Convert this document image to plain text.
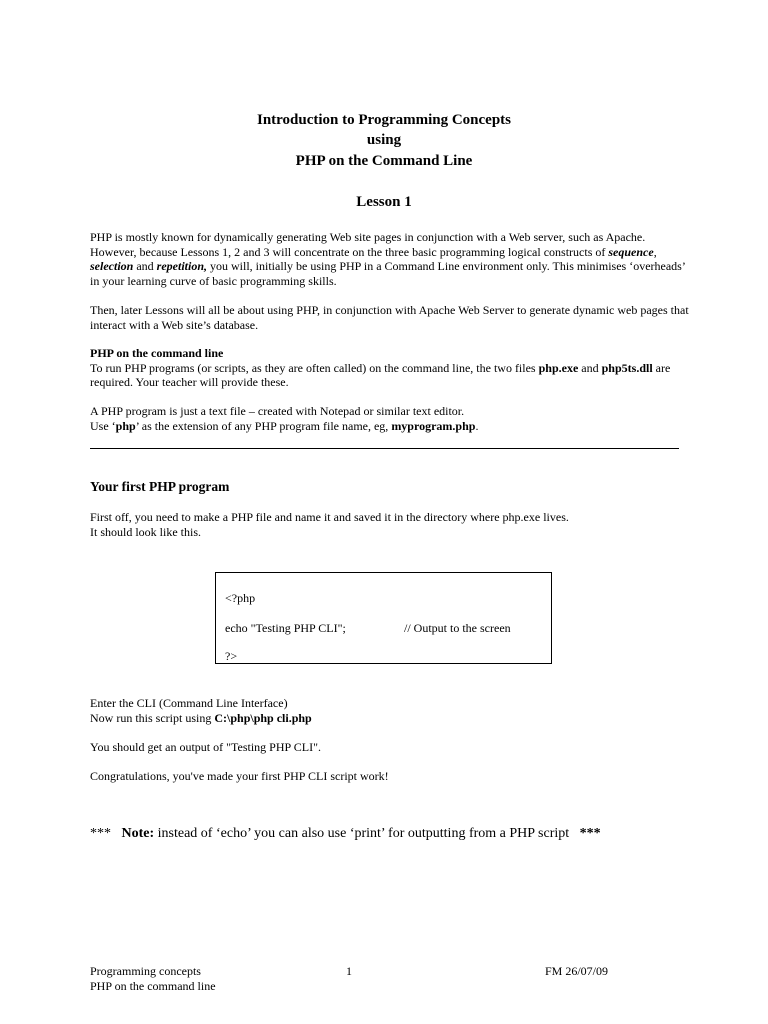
Introduction to Programming Concepts
using
PHP on the Command Line
Lesson 1

PHP is mostly known for dynamically generating Web site pages in conjunction with a Web server, such as Apache. However, because Lessons 1, 2 and 3 will concentrate on the three basic programming logical constructs of sequence, selection and repetition, you will, initially be using PHP in a Command Line environment only. This minimises ‘overheads’ in your learning curve of basic programming skills.

Then, later Lessons will all be about using PHP, in conjunction with Apache Web Server to generate dynamic web pages that interact with a Web site’s database.

PHP on the command line

To run PHP programs (or scripts, as they are often called) on the command line, the two files php.exe and php5ts.dll are required. Your teacher will provide these.

A PHP program is just a text file – created with Notepad or similar text editor.

Use ‘php’ as the extension of any PHP program file name, eg, myprogram.php.

Your first PHP program

First off, you need to make a PHP file and name it and saved it in the directory where php.exe lives.

It should look like this.

<?php
echo "Testing PHP CLI";	// Output to the screen
?>

Enter the CLI (Command Line Interface)

Now run this script using C:\php\php cli.php

You should get an output of "Testing PHP CLI".
Congratulations, you've made your first PHP CLI script work!
*** Note: instead of ‘echo’ you can also use ‘print’ for outputting from a PHP script ***
Programming concepts
PHP on the command line
1	FM 26/07/09
